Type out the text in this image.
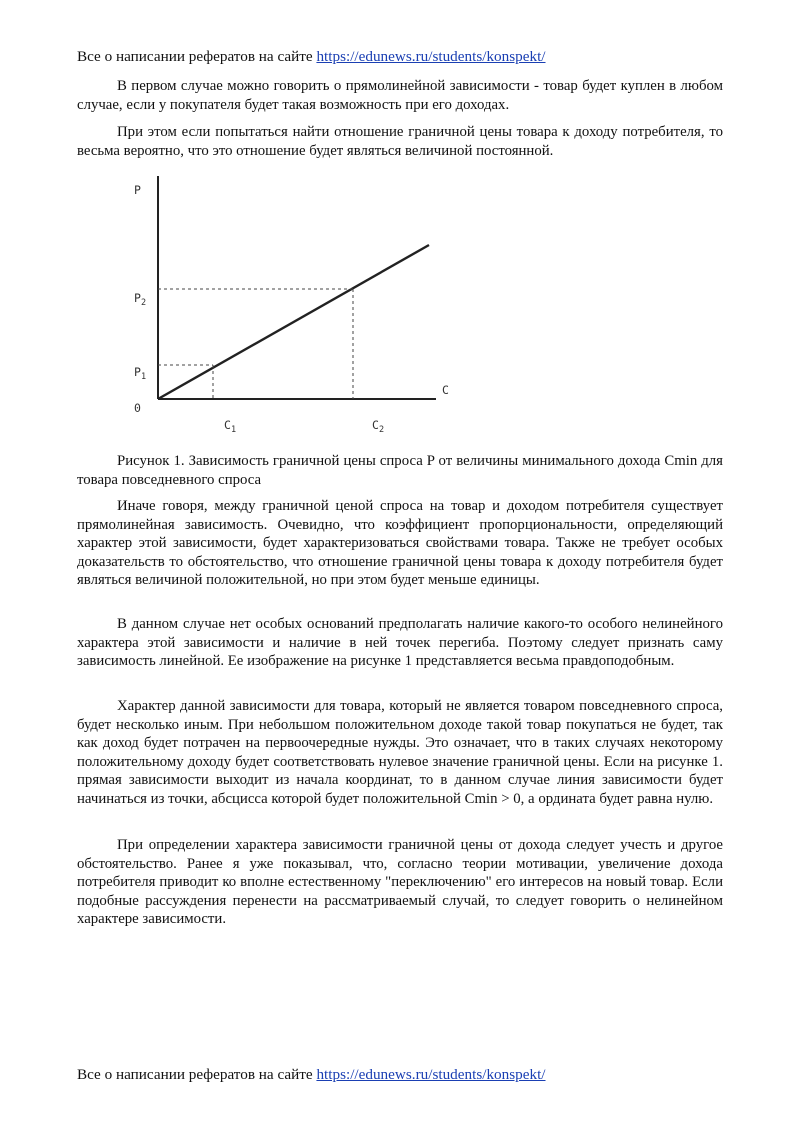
Все о написании рефератов на сайте https://edunews.ru/students/konspekt/

В первом случае можно говорить о прямолинейной зависимости - товар будет куплен в любом случае, если у покупателя будет такая возможность при его доходах.

При этом если попытаться найти отношение граничной цены товара к доходу потребителя, то весьма вероятно, что это отношение будет являться величиной постоянной.

P
C
0
$P_2$
$P_1$
$C_1$	$C_2$

Рисунок 1. Зависимость граничной цены спроса P от величины минимального дохода Cmin для товара повседневного спроса

Иначе говоря, между граничной ценой спроса на товар и доходом потребителя существует прямолинейная зависимость. Очевидно, что коэффициент пропорциональности, определяющий характер этой зависимости, будет характеризоваться свойствами товара. Также не требует особых доказательств то обстоятельство, что отношение граничной цены товара к доходу потребителя будет являться величиной положительной, но при этом будет меньше единицы.

В данном случае нет особых оснований предполагать наличие какого-то особого нелинейного характера этой зависимости и наличие в ней точек перегиба. Поэтому следует признать саму зависимость линейной. Ее изображение на рисунке 1 представляется весьма правдоподобным.

Характер данной зависимости для товара, который не является товаром повседневного спроса, будет несколько иным. При небольшом положительном доходе такой товар покупаться не будет, так как доход будет потрачен на первоочередные нужды. Это означает, что в таких случаях некоторому положительному доходу будет соответствовать нулевое значение граничной цены. Если на рисунке 1. прямая зависимости выходит из начала координат, то в данном случае линия зависимости будет начинаться из точки, абсцисса которой будет положительной Cmin > 0, а ордината будет равна нулю.

При определении характера зависимости граничной цены от дохода следует учесть и другое обстоятельство. Ранее я уже показывал, что, согласно теории мотивации, увеличение дохода потребителя приводит ко вполне естественному "переключению" его интересов на новый товар. Если подобные рассуждения перенести на рассматриваемый случай, то следует говорить о нелинейном характере зависимости.

Все о написании рефератов на сайте https://edunews.ru/students/konspekt/
